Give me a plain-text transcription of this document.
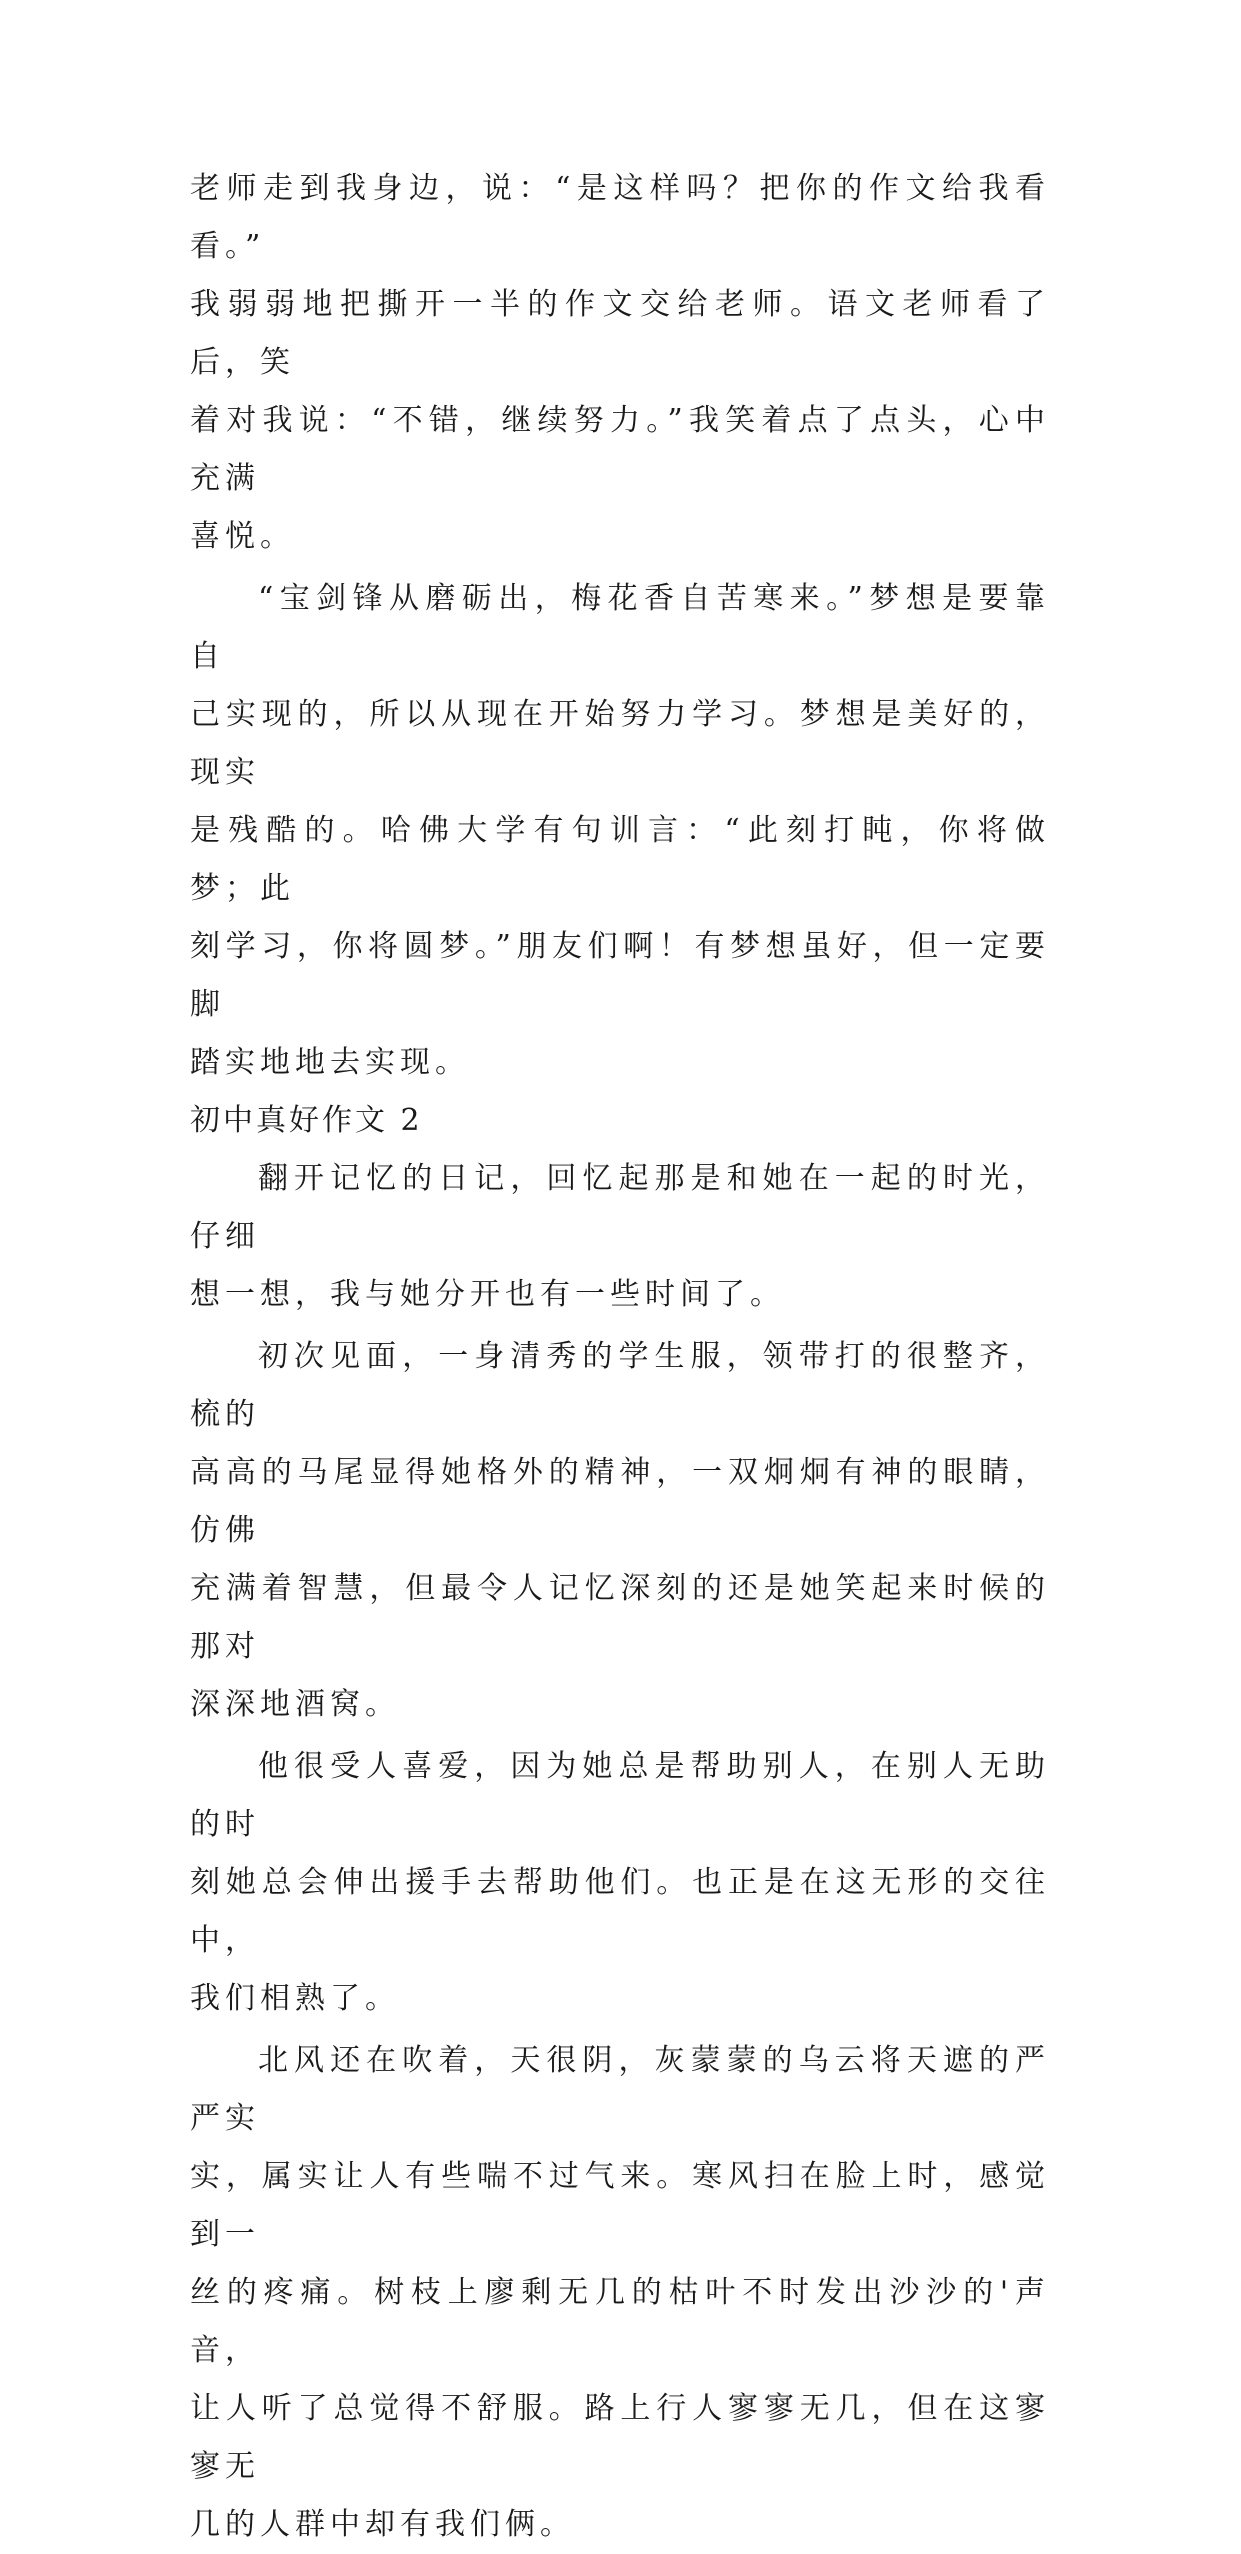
老师走到我身边，说：“是这样吗？把你的作文给我看看。”
我弱弱地把撕开一半的作文交给老师。语文老师看了后，笑
着对我说：“不错，继续努力。”我笑着点了点头，心中充满
喜悦。

“宝剑锋从磨砺出，梅花香自苦寒来。”梦想是要靠自
己实现的，所以从现在开始努力学习。梦想是美好的，现实
是残酷的。哈佛大学有句训言：“此刻打盹，你将做梦；此
刻学习，你将圆梦。”朋友们啊！有梦想虽好，但一定要脚
踏实地地去实现。

初中真好作文 2

翻开记忆的日记，回忆起那是和她在一起的时光，仔细
想一想，我与她分开也有一些时间了。

初次见面，一身清秀的学生服，领带打的很整齐，梳的
高高的马尾显得她格外的精神，一双炯炯有神的眼睛，仿佛
充满着智慧，但最令人记忆深刻的还是她笑起来时候的那对
深深地酒窝。

他很受人喜爱，因为她总是帮助别人，在别人无助的时
刻她总会伸出援手去帮助他们。也正是在这无形的交往中，
我们相熟了。

北风还在吹着，天很阴，灰蒙蒙的乌云将天遮的严严实
实，属实让人有些喘不过气来。寒风扫在脸上时，感觉到一
丝的疼痛。树枝上廖剩无几的枯叶不时发出沙沙的'声音，
让人听了总觉得不舒服。路上行人寥寥无几，但在这寥寥无
几的人群中却有我们俩。
